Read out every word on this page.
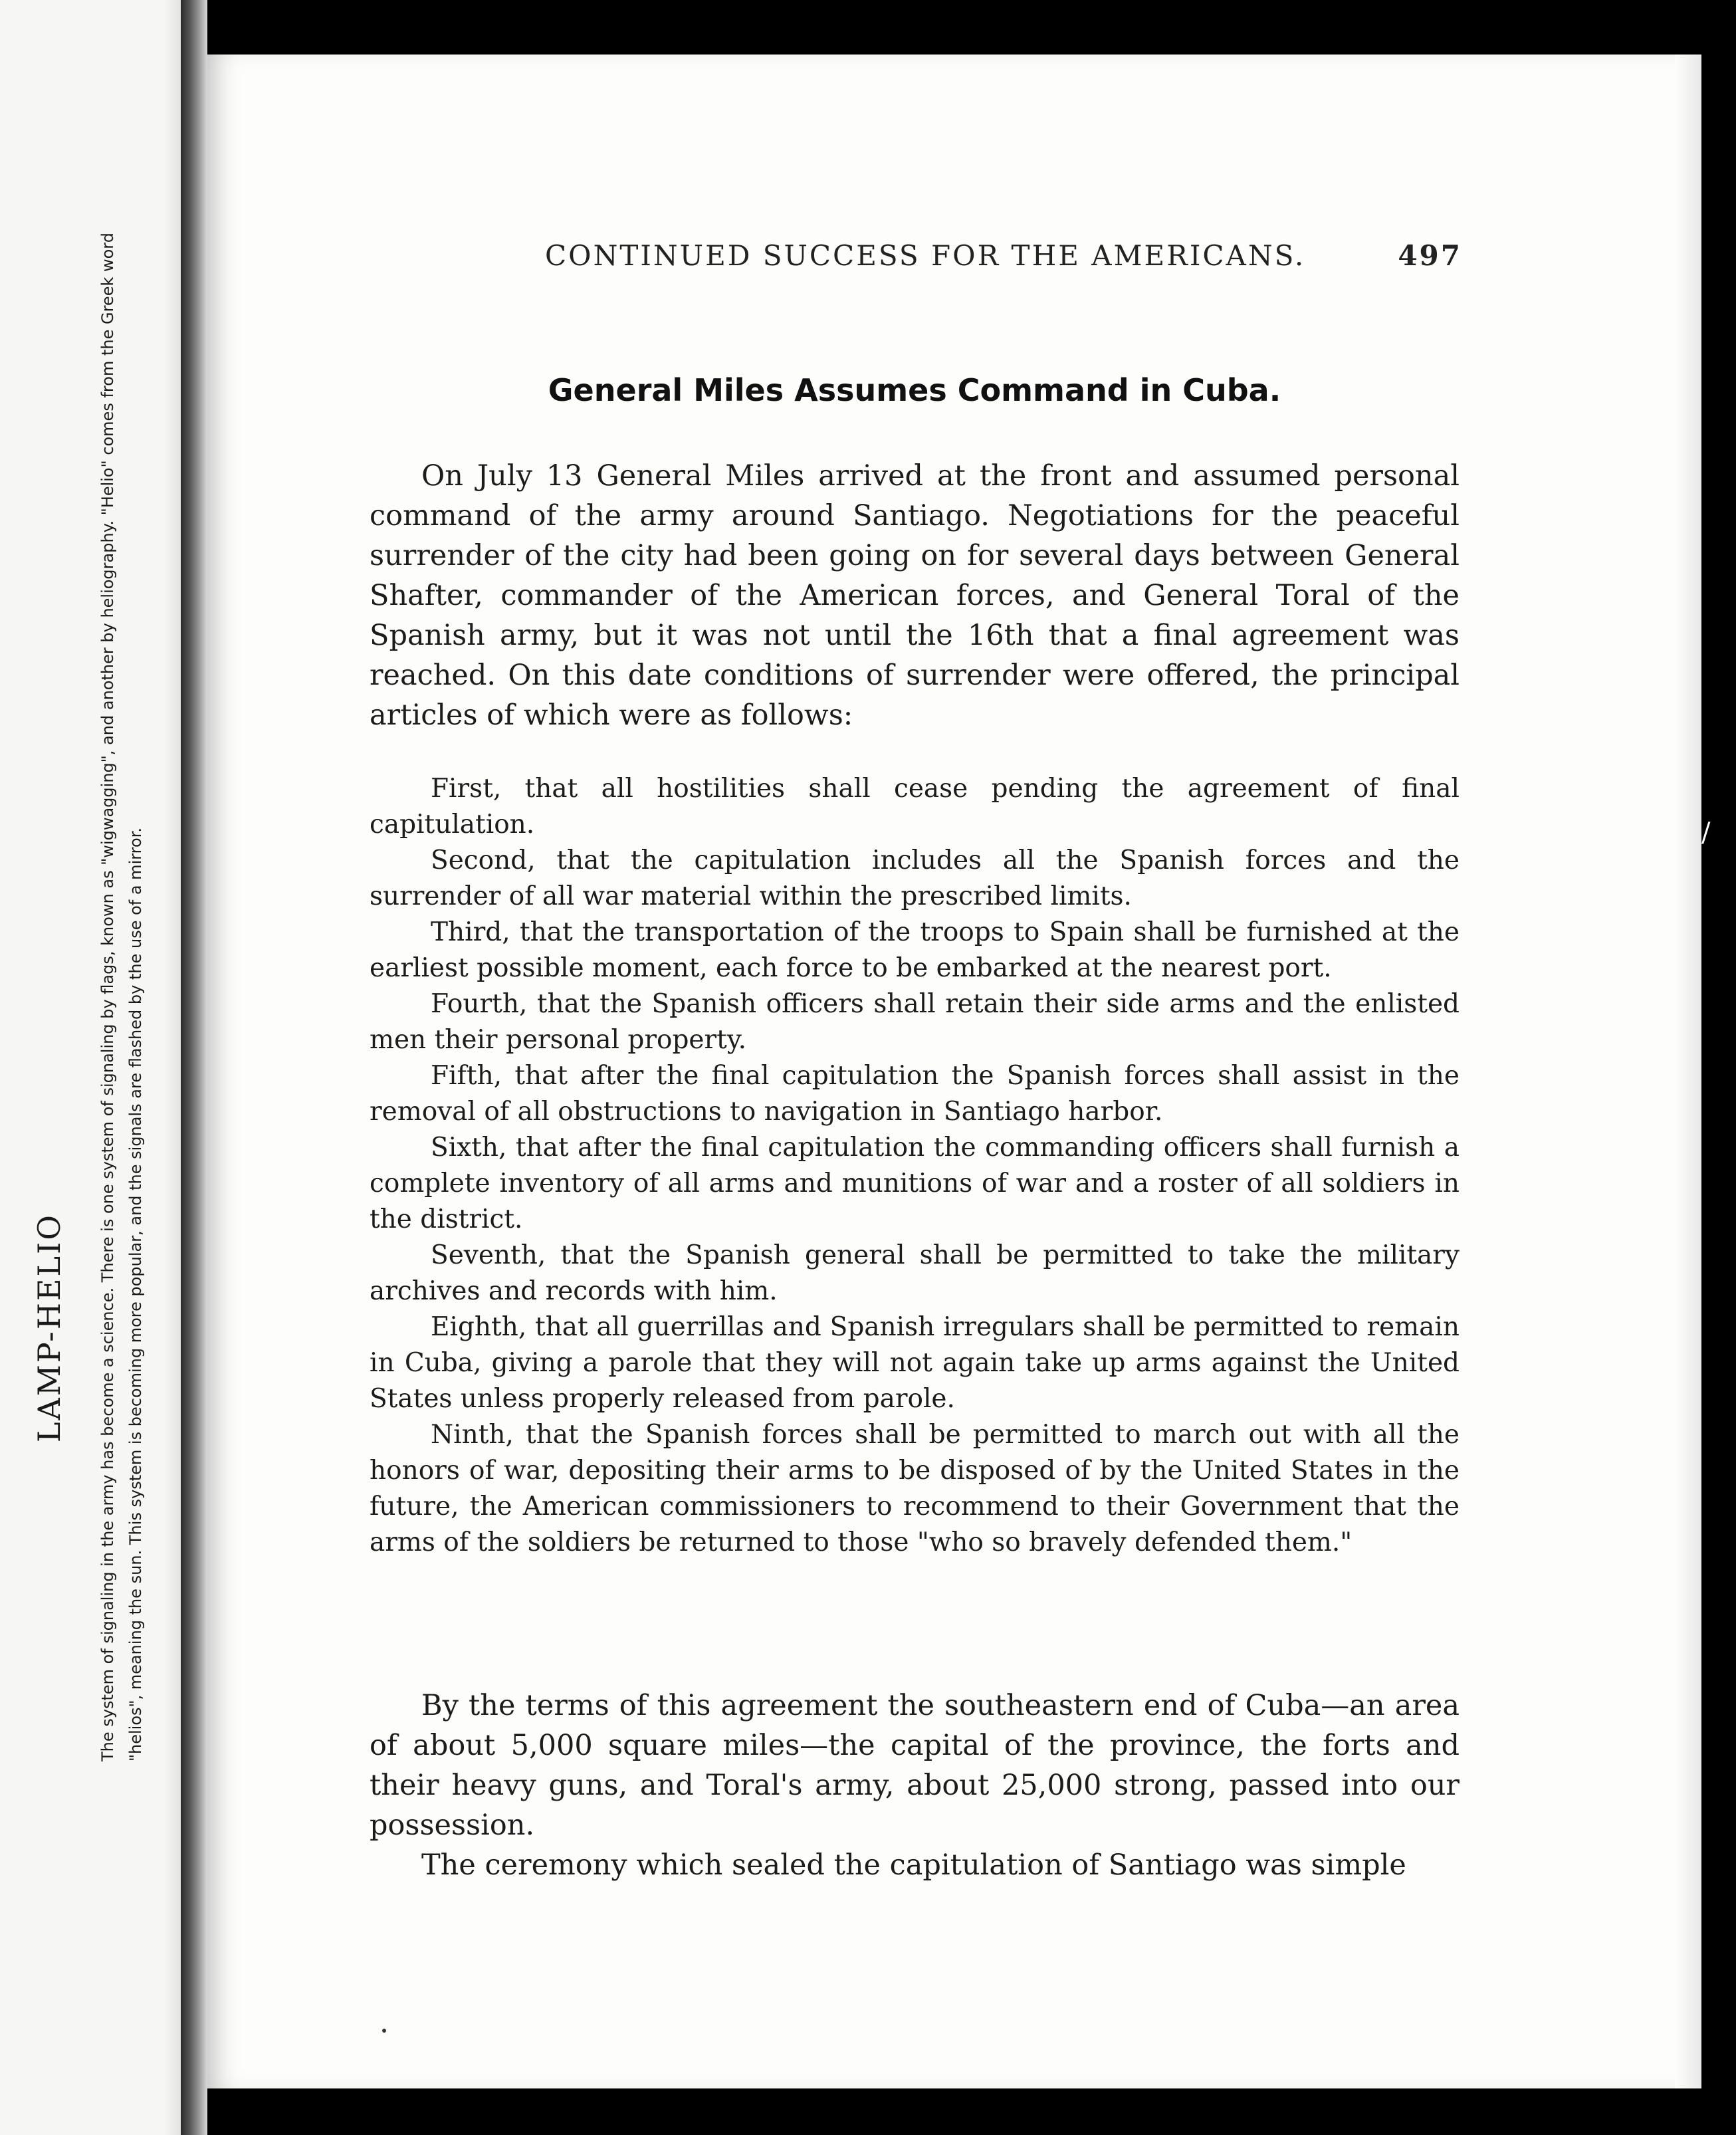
LAMP-HELIO The system of signaling in the army has become a science. There is one system of signaling by flags, known as "wigwagging", and another by heliography. "Helio" comes from the Greek word "helios", meaning the sun. This system is becoming more popular, and the signals are flashed by the use of a mirror.
CONTINUED SUCCESS FOR THE AMERICANS.	497
General Miles Assumes Command in Cuba.

On July 13 General Miles arrived at the front and assumed personal command of the army around Santiago. Negotiations for the peaceful surrender of the city had been going on for several days between General Shafter, commander of the American forces, and General Toral of the Spanish army, but it was not until the 16th that a final agreement was reached. On this date conditions of surrender were offered, the principal articles of which were as follows:

First, that all hostilities shall cease pending the agreement of final capitulation.

Second, that the capitulation includes all the Spanish forces and the surrender of all war material within the prescribed limits.

Third, that the transportation of the troops to Spain shall be furnished at the earliest possible moment, each force to be embarked at the nearest port.

Fourth, that the Spanish officers shall retain their side arms and the enlisted men their personal property.

Fifth, that after the final capitulation the Spanish forces shall assist in the removal of all obstructions to navigation in Santiago harbor.

Sixth, that after the final capitulation the commanding officers shall furnish a complete inventory of all arms and munitions of war and a roster of all soldiers in the district.

Seventh, that the Spanish general shall be permitted to take the military archives and records with him.

Eighth, that all guerrillas and Spanish irregulars shall be permitted to remain in Cuba, giving a parole that they will not again take up arms against the United States unless properly released from parole.

Ninth, that the Spanish forces shall be permitted to march out with all the honors of war, depositing their arms to be disposed of by the United States in the future, the American commissioners to recommend to their Government that the arms of the soldiers be returned to those "who so bravely defended them."

By the terms of this agreement the southeastern end of Cuba—an area of about 5,000 square miles—the capital of the province, the forts and their heavy guns, and Toral's army, about 25,000 strong, passed into our possession.

The ceremony which sealed the capitulation of Santiago was simple

/
